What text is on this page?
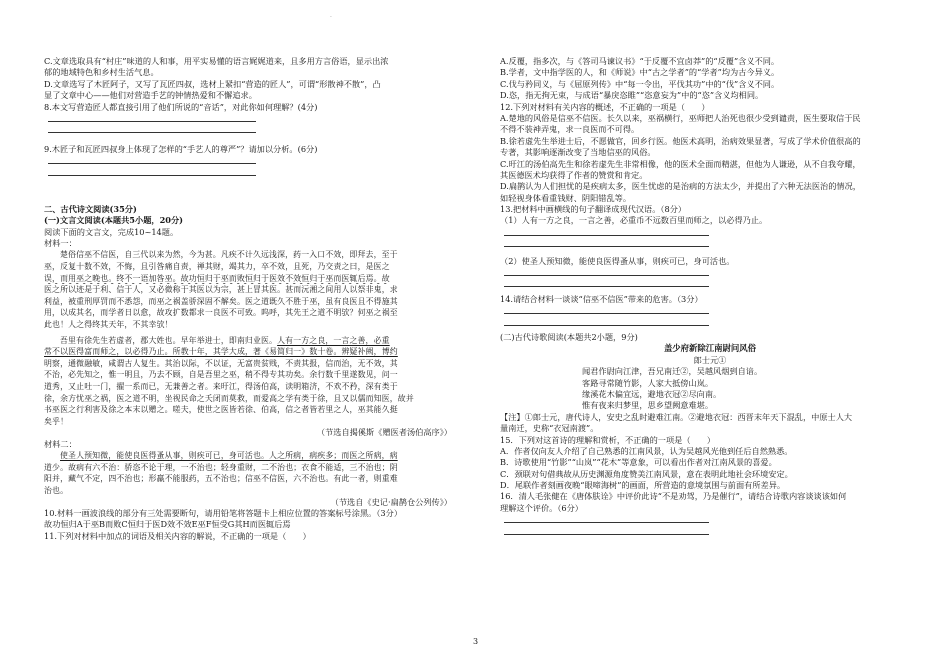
·
C.文章选取具有“村庄”味道的人和事，用平实易懂的语言娓娓道来，且多用方言俗语，显示出浓
郁的地域特色和乡村生活气息。
D.文章选写了木匠阿子，又写了瓦匠四叔，选材上紧扣“营造的匠人”，可谓“形散神不散”，凸
显了文章中心——他们对营造手艺的钟情热爱和不懈追求。
8.本文写营造匠人都直接引用了他们所说的“音话”，对此你如何理解？(4分)
9.木匠子和瓦匠四叔身上体现了怎样的“手艺人的尊严”？请加以分析。(6分)
二、古代诗文阅读(35分)
(一)文言文阅读(本题共5小题，20分)
阅读下面的文言文，完成10~14题。
材料一：
楚俗信巫不信医，自三代以来为然，今为甚。凡疾不计久远浅深，药一入口不效，即拜去，至于
巫，反复十数不效，不悔，且引咎痛自责，禅其财，竭其力，卒不效，且死，乃交责之曰，是医之
误，而用巫之晚也。终不一语加咎巫。故功恒归于巫而败恒归于医效不效恒归于巫而医辄后焉。故
医之所以迹是于利、信于人，又必微称于其医以为宗，甚上冒其医。甚而沅湘之间用人以祭非鬼，求
利益，被重刑厚罚而不悉怨，而巫之祸盖骄深固不解矣。医之道既久不胜于巫，虽有良医且不得施其
用，以成其名，而学者日以愈，故攻扩数都求一良医不可致。呜呼，其先王之道不明欤？何巫之祸至
此也！人之得终其天年，不其幸欤！
吾里有徐先生若虚者，郡大姓也。早年举进士，即南归业医。人有一方之良，一言之善，必重
常不以医得富而师之，以必得乃止。所教十年，其学大成，著《易简归一》数十卷。辨疑补阙，博约
明察，通微融敏，咸谓古人复生。其治以际，不以证，无富贵贫贱，不责其报，信而治，无不效，其
不治，必先知之，惟一明且，乃去不顾，自是吾里之巫，稍不得专其功矣。余行数千里遂数见，问一
道秀，又止吐一门，擢一系而已，无兼善之者。来旴江，得汤伯高，读明箱济，不欢不矜，深有类于
徐，余方忧巫之祸，医之道不明，坐视民命之夭闭而莫救，而爱高之学有类于徐，且又以儒而知医，故并
书巫医之行利害及徐之本末以赠之。嗟夫，使世之医皆若徐、伯高，信之者皆若里之人，巫其能久挺
矣乎！
（节选自揭傒斯《赠医者汤伯高序》）
材料二：
使圣人预知微，能使良医得蚤从事，则疾可已，身可活也。人之所病，病疾多；而医之所病，病
道少。故病有六不治：骄恣不论于理，一不治也；轻身重财，二不治也；衣食不能适，三不治也；阴
阳并，藏气不定，四不治也；形羸不能服药，五不治也；信巫不信医，六不治也。有此一者，则重难
治也。
（节选自《史记·扁鹊仓公列传》）
10.材料一画波浪线的部分有三处需要断句，请用铅笔将答题卡上相应位置的答案标号涂黑。（3分）
故功恒归A于巫B而败C恒归于医D效不效E巫F恒受G其H而医辄后焉
11.下列对材料中加点的词语及相关内容的解说，不正确的一项是（　　）
A.反覆，指多次，与《答司马谏议书》“于反覆不宜卤莽”的“反覆”含义不同。
B.学者，文中指学医的人，和《师说》中“古之学者”的“学者”均为古今异义。
C.伐与矜同义，与《屈原列传》中“每一令出，平伐其功”中的“伐”含义不同。
D.恣，指无拘无束，与成语“暴戾恣睢”“恣意妄为”中的“恣”含义均相同。
12.下列对材料有关内容的概述，不正确的一项是（　　）
A.楚地的风俗是信巫不信医。长久以来，巫祸横行，巫师把人治死也很少受到谴责，医生要取信于民
不得不装神弄鬼，求一良医而不可得。
B.徐若虚先生举进士后，不愿做官，回乡行医。他医术高明，治病效果显著，写成了学术价值很高的
专著，其影响逐渐改变了当地信巫的风俗。
C.旴江的汤伯高先生和徐若虚先生非常相像，他的医术全面而精湛，但他为人谦逊，从不自我夸耀，
其医德医术均获得了作者的赞赏和肯定。
D.扁鹊认为人们担忧的是疾病太多，医生忧虑的是治病的方法太少，并提出了六种无法医治的情况，
如轻视身体看重钱财、阴阳错乱等。
13.把材料中画横线的句子翻译成现代汉语。（8分）
（1）人有一方之良，一言之善，必重币不远数百里而师之，以必得乃止。
（2）使圣人预知微，能使良医得蚤从事，则疾可已，身可活也。
14.请结合材料一谈谈“信巫不信医”带来的危害。（3分）
(二)古代诗歌阅读(本题共2小题，9分)
盖少府新除江南尉问风俗
郎士元①
闻君作尉向江津，吾兄南迁②，吴越风烟到自谙。
客路寻常随竹影，人家大抵傍山岚。
缘溪花木偏宜远，避地衣冠②尽向南。
惟有夜来归梦里，思乡望阙意难堪。
【注】①郎士元，唐代诗人，安史之乱时避难江南。②避地衣冠：西晋末年天下混乱，中原士人大
量南迁，史称“衣冠南渡”。
15．下列对这首诗的理解和赏析，不正确的一项是（　　）
A．作者仅向友人介绍了自己熟悉的江南风景，认为吴越风光他到任后自然熟悉。
B．诗歌使用“竹影”“山岚”“花木”等意象，可以看出作者对江南风景的喜爱。
C．颈联对句借典故从历史渊源角度赞美江南风景，意在表明此地社会环境安定。
D．尾联作者刻画夜晚“眼啼海树”的画面，所营造的意境氛围与前面有所差异。
16．清人毛张健在《唐体肤诠》中评价此诗“不是劝驾，乃是催行”，请结合诗歌内容谈谈该如何
理解这个评价。（6分）
3
